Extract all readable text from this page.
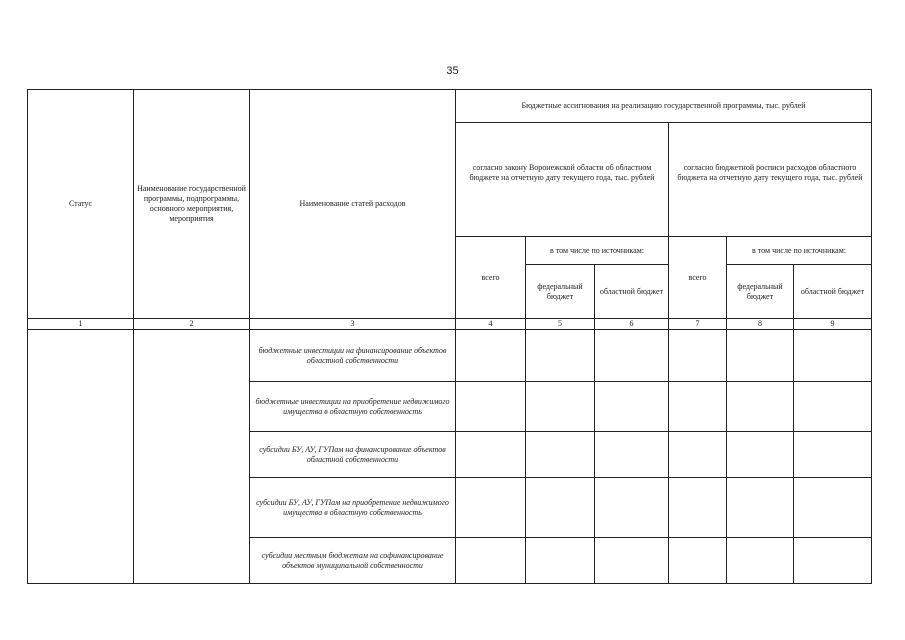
35
Статус	Наименование государственной программы, подпрограммы, основного мероприятия, мероприятия	Наименование статей расходов	Бюджетные ассигнования на реализацию государственной программы, тыс. рублей					
			согласно закону Воронежской области об областном бюджете на отчетную дату текущего года, тыс. рублей			согласно бюджетной росписи расходов областного бюджета на отчетную дату текущего года, тыс. рублей		
			всего	в том числе по источникам:		всего	в том числе по источникам:	
				федеральный бюджет	областной бюджет		федеральный бюджет	областной бюджет
1	2	3	4	5	6	7	8	9

		бюджетные инвестиции на финансирование объектов областной собственности						

		бюджетные инвестиции на приобретение недвижимого имущества в областную собственность						

		субсидии БУ, АУ, ГУПам на финансирование объектов областной собственности						

		субсидии БУ, АУ, ГУПам на приобретение недвижимого имущества в областную собственность						

		субсидии местным бюджетам на софинансирование объектов муниципальной собственности						
